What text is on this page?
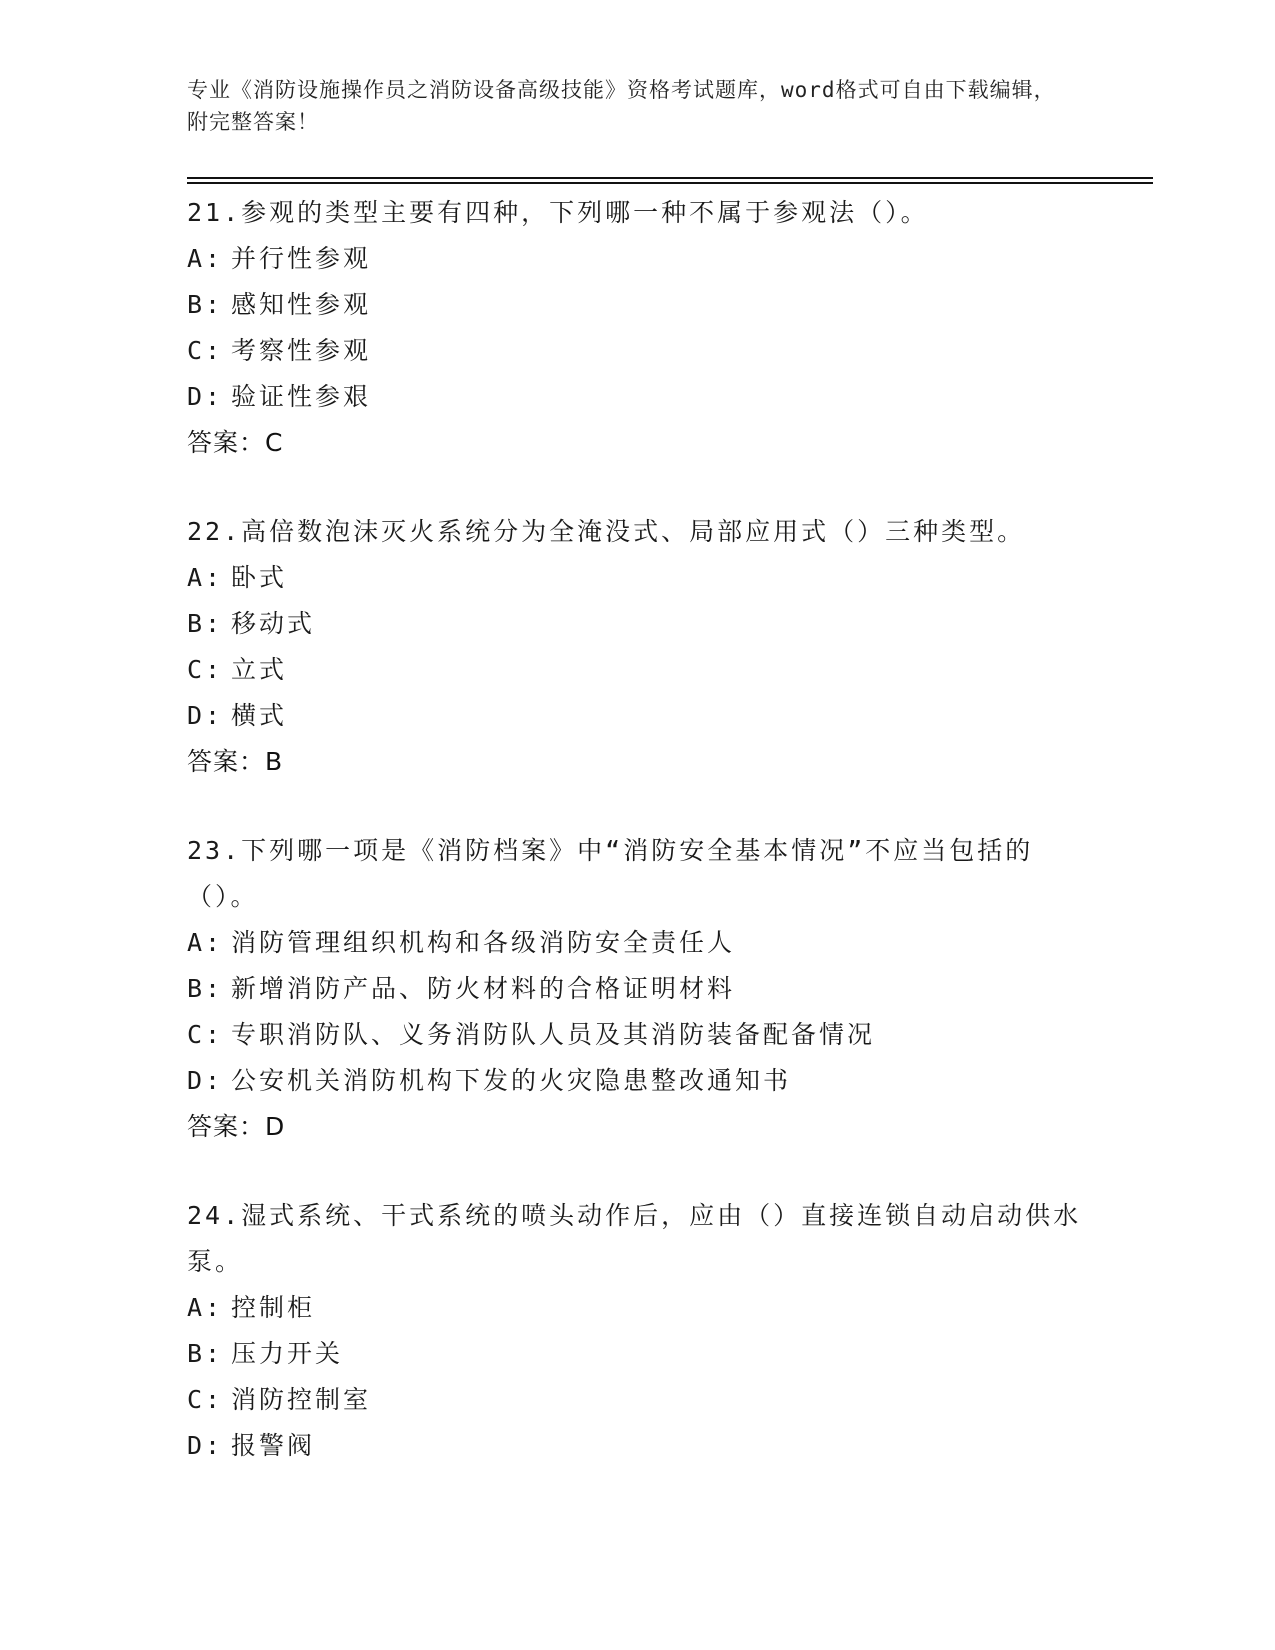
专业《消防设施操作员之消防设备高级技能》资格考试题库，word格式可自由下载编辑，附完整答案！
21.参观的类型主要有四种，下列哪一种不属于参观法（）。
A: 并行性参观
B: 感知性参观
C: 考察性参观
D: 验证性参艰
答案：C
22.高倍数泡沫灭火系统分为全淹没式、局部应用式（）三种类型。
A: 卧式
B: 移动式
C: 立式
D: 横式
答案：B
23.下列哪一项是《消防档案》中“消防安全基本情况”不应当包括的（）。
A: 消防管理组织机构和各级消防安全责任人
B: 新增消防产品、防火材料的合格证明材料
C: 专职消防队、义务消防队人员及其消防装备配备情况
D: 公安机关消防机构下发的火灾隐患整改通知书
答案：D
24.湿式系统、干式系统的喷头动作后，应由（）直接连锁自动启动供水泵。
A: 控制柜
B: 压力开关
C: 消防控制室
D: 报警阀
